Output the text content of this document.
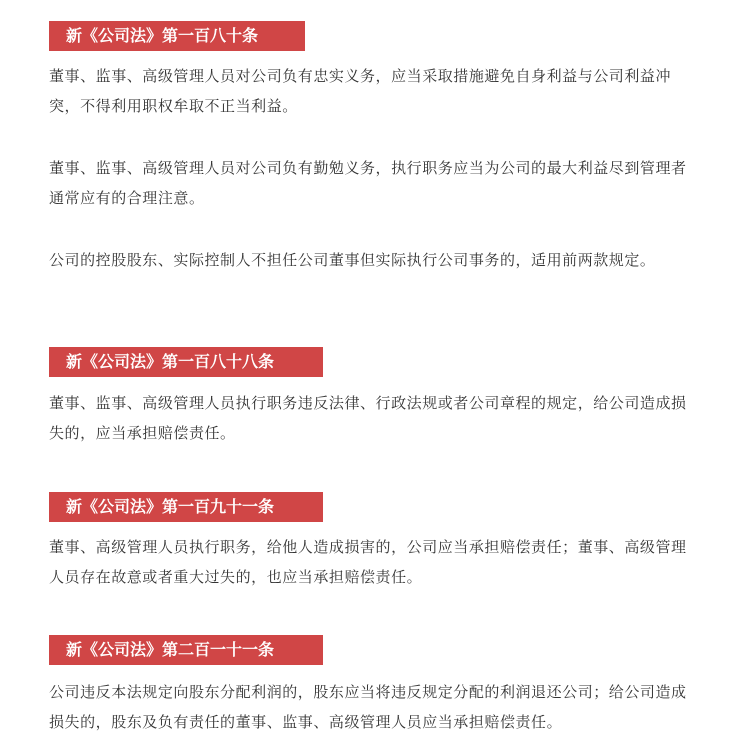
新《公司法》第一百八十条

董事、监事、高级管理人员对公司负有忠实义务，应当采取措施避免自身利益与公司利益冲突，不得利用职权牟取不正当利益。

董事、监事、高级管理人员对公司负有勤勉义务，执行职务应当为公司的最大利益尽到管理者通常应有的合理注意。

公司的控股股东、实际控制人不担任公司董事但实际执行公司事务的，适用前两款规定。

新《公司法》第一百八十八条

董事、监事、高级管理人员执行职务违反法律、行政法规或者公司章程的规定，给公司造成损失的，应当承担赔偿责任。

新《公司法》第一百九十一条

董事、高级管理人员执行职务，给他人造成损害的，公司应当承担赔偿责任；董事、高级管理人员存在故意或者重大过失的，也应当承担赔偿责任。

新《公司法》第二百一十一条

公司违反本法规定向股东分配利润的，股东应当将违反规定分配的利润退还公司；给公司造成损失的，股东及负有责任的董事、监事、高级管理人员应当承担赔偿责任。
